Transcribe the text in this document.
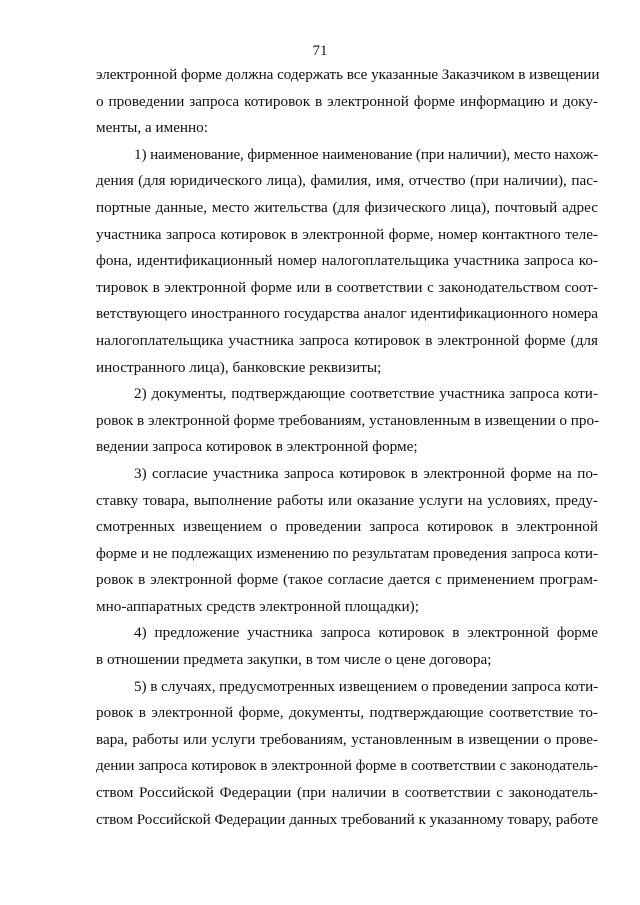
71
электронной форме должна содержать все указанные Заказчиком в извещении
о проведении запроса котировок в электронной форме информацию и доку-
менты, а именно:
1) наименование, фирменное наименование (при наличии), место нахож-
дения (для юридического лица), фамилия, имя, отчество (при наличии), пас-
портные данные, место жительства (для физического лица), почтовый адрес
участника запроса котировок в электронной форме, номер контактного теле-
фона, идентификационный номер налогоплательщика участника запроса ко-
тировок в электронной форме или в соответствии с законодательством соот-
ветствующего иностранного государства аналог идентификационного номера
налогоплательщика участника запроса котировок в электронной форме (для
иностранного лица), банковские реквизиты;
2) документы, подтверждающие соответствие участника запроса коти-
ровок в электронной форме требованиям, установленным в извещении о про-
ведении запроса котировок в электронной форме;
3) согласие участника запроса котировок в электронной форме на по-
ставку товара, выполнение работы или оказание услуги на условиях, преду-
смотренных извещением о проведении запроса котировок в электронной
форме и не подлежащих изменению по результатам проведения запроса коти-
ровок в электронной форме (такое согласие дается с применением програм-
мно-аппаратных средств электронной площадки);
4) предложение участника запроса котировок в электронной форме
в отношении предмета закупки, в том числе о цене договора;
5) в случаях, предусмотренных извещением о проведении запроса коти-
ровок в электронной форме, документы, подтверждающие соответствие то-
вара, работы или услуги требованиям, установленным в извещении о прове-
дении запроса котировок в электронной форме в соответствии с законодатель-
ством Российской Федерации (при наличии в соответствии с законодатель-
ством Российской Федерации данных требований к указанному товару, работе
